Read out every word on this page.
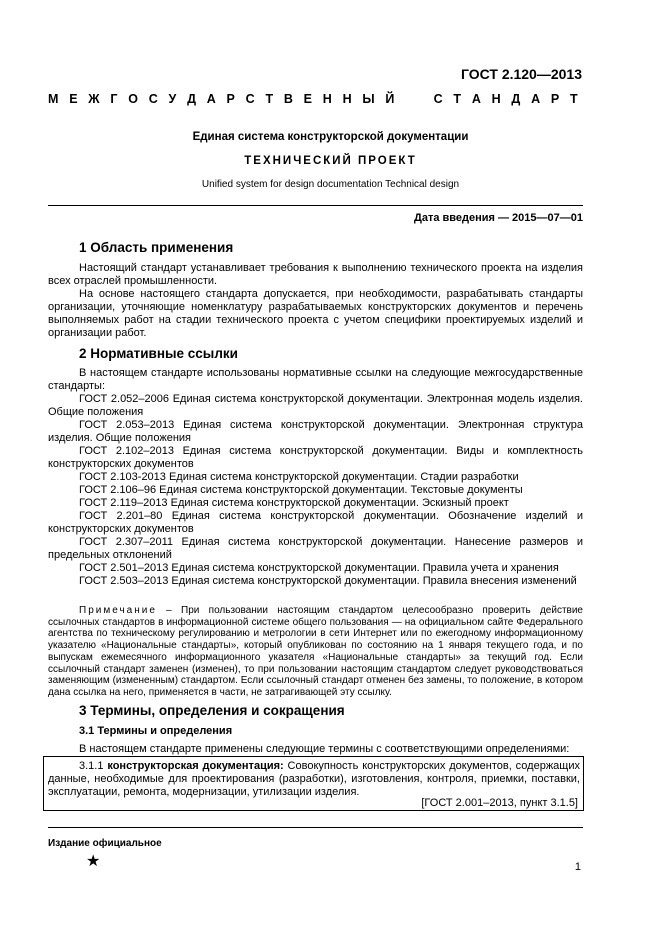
ГОСТ 2.120—2013
М Е Ж Г О С У Д А Р С Т В Е Н Н Ы Й

	С Т А Н Д А Р Т
Единая система конструкторской документации
ТЕХНИЧЕСКИЙ ПРОЕКТ
Unified system for design documentation Technical design
Дата введения — 2015—07—01
1 Область применения
Настоящий стандарт устанавливает требования к выполнению технического проекта на изделия всех отраслей промышленности.
На основе настоящего стандарта допускается, при необходимости, разрабатывать стандарты организации, уточняющие номенклатуру разрабатываемых конструкторских документов и перечень выполняемых работ на стадии технического проекта с учетом специфики проектируемых изделий и организации работ.
2 Нормативные ссылки
В настоящем стандарте использованы нормативные ссылки на следующие межгосударственные стандарты:
ГОСТ 2.052–2006 Единая система конструкторской документации. Электронная модель изделия. Общие положения
ГОСТ 2.053–2013 Единая система конструкторской документации. Электронная структура изделия. Общие положения
ГОСТ 2.102–2013 Единая система конструкторской документации. Виды и комплектность конструкторских документов
ГОСТ 2.103-2013 Единая система конструкторской документации. Стадии разработки
ГОСТ 2.106–96 Единая система конструкторской документации. Текстовые документы
ГОСТ 2.119–2013 Единая система конструкторской документации. Эскизный проект
ГОСТ 2.201–80 Единая система конструкторской документации. Обозначение изделий и конструкторских документов
ГОСТ 2.307–2011 Единая система конструкторской документации. Нанесение размеров и предельных отклонений
ГОСТ 2.501–2013 Единая система конструкторской документации. Правила учета и хранения
ГОСТ 2.503–2013 Единая система конструкторской документации. Правила внесения изменений
Примечание – При пользовании настоящим стандартом целесообразно проверить действие ссылочных стандартов в информационной системе общего пользования — на официальном сайте Федерального агентства по техническому регулированию и метрологии в сети Интернет или по ежегодному информационному указателю «Национальные стандарты», который опубликован по состоянию на 1 января текущего года, и по выпускам ежемесячного информационного указателя «Национальные стандарты» за текущий год. Если ссылочный стандарт заменен (изменен), то при пользовании настоящим стандартом следует руководствоваться заменяющим (измененным) стандартом. Если ссылочный стандарт отменен без замены, то положение, в котором дана ссылка на него, применяется в части, не затрагивающей эту ссылку.
3 Термины, определения и сокращения
3.1 Термины и определения
В настоящем стандарте применены следующие термины с соответствующими определениями:
3.1.1 конструкторская документация: Совокупность конструкторских документов, содержащих данные, необходимые для проектирования (разработки), изготовления, контроля, приемки, поставки, эксплуатации, ремонта, модернизации, утилизации изделия.
[ГОСТ 2.001–2013, пункт 3.1.5]
Издание официальное
★	1
